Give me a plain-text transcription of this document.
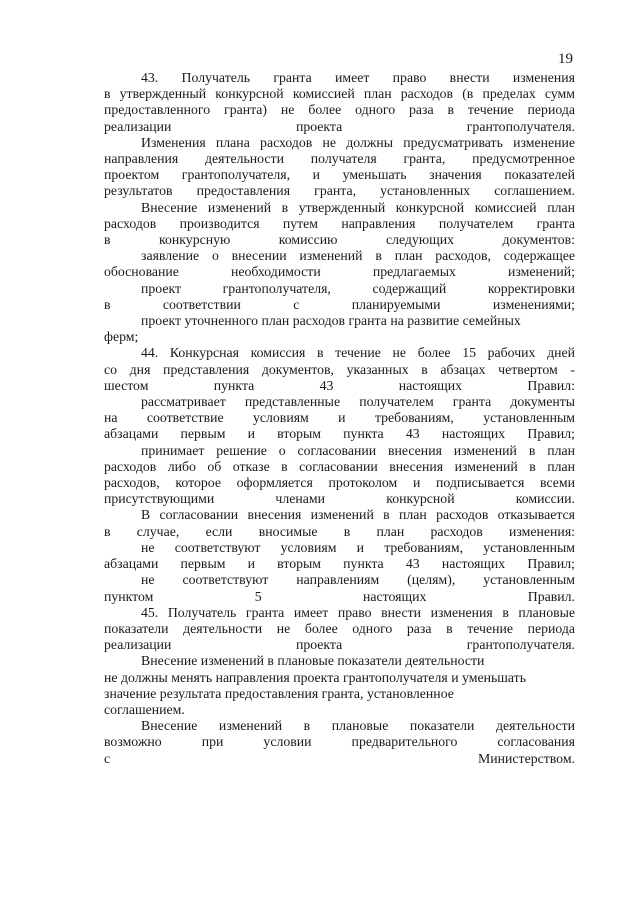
19

43. Получатель гранта имеет право внести изменения
в утвержденный конкурсной комиссией план расходов (в пределах сумм
предоставленного гранта) не более одного раза в течение периода
реализации проекта грантополучателя.

Изменения плана расходов не должны предусматривать изменение
направления деятельности получателя гранта, предусмотренное
проектом грантополучателя, и уменьшать значения показателей
результатов предоставления гранта, установленных соглашением.

Внесение изменений в утвержденный конкурсной комиссией план
расходов производится путем направления получателем гранта
в конкурсную комиссию следующих документов:

заявление о внесении изменений в план расходов, содержащее
обоснование необходимости предлагаемых изменений;

проект грантополучателя, содержащий корректировки
в соответствии с планируемыми изменениями;

проект уточненного план расходов гранта на развитие семейных
ферм;

44. Конкурсная комиссия в течение не более 15 рабочих дней
со дня представления документов, указанных в абзацах четвертом -
шестом пункта 43 настоящих Правил:

рассматривает представленные получателем гранта документы
на соответствие условиям и требованиям, установленным
абзацами первым и вторым пункта 43 настоящих Правил;

принимает решение о согласовании внесения изменений в план
расходов либо об отказе в согласовании внесения изменений в план
расходов, которое оформляется протоколом и подписывается всеми
присутствующими членами конкурсной комиссии.

В согласовании внесения изменений в план расходов отказывается
в случае, если вносимые в план расходов изменения:

не соответствуют условиям и требованиям, установленным
абзацами первым и вторым пункта 43 настоящих Правил;

не соответствуют направлениям (целям), установленным
пунктом 5 настоящих Правил.

45. Получатель гранта имеет право внести изменения в плановые
показатели деятельности не более одного раза в течение периода
реализации проекта грантополучателя.

Внесение изменений в плановые показатели деятельности
не должны менять направления проекта грантополучателя и уменьшать
значение результата предоставления гранта, установленное
соглашением.

Внесение изменений в плановые показатели деятельности
возможно при условии предварительного согласования
с Министерством.
